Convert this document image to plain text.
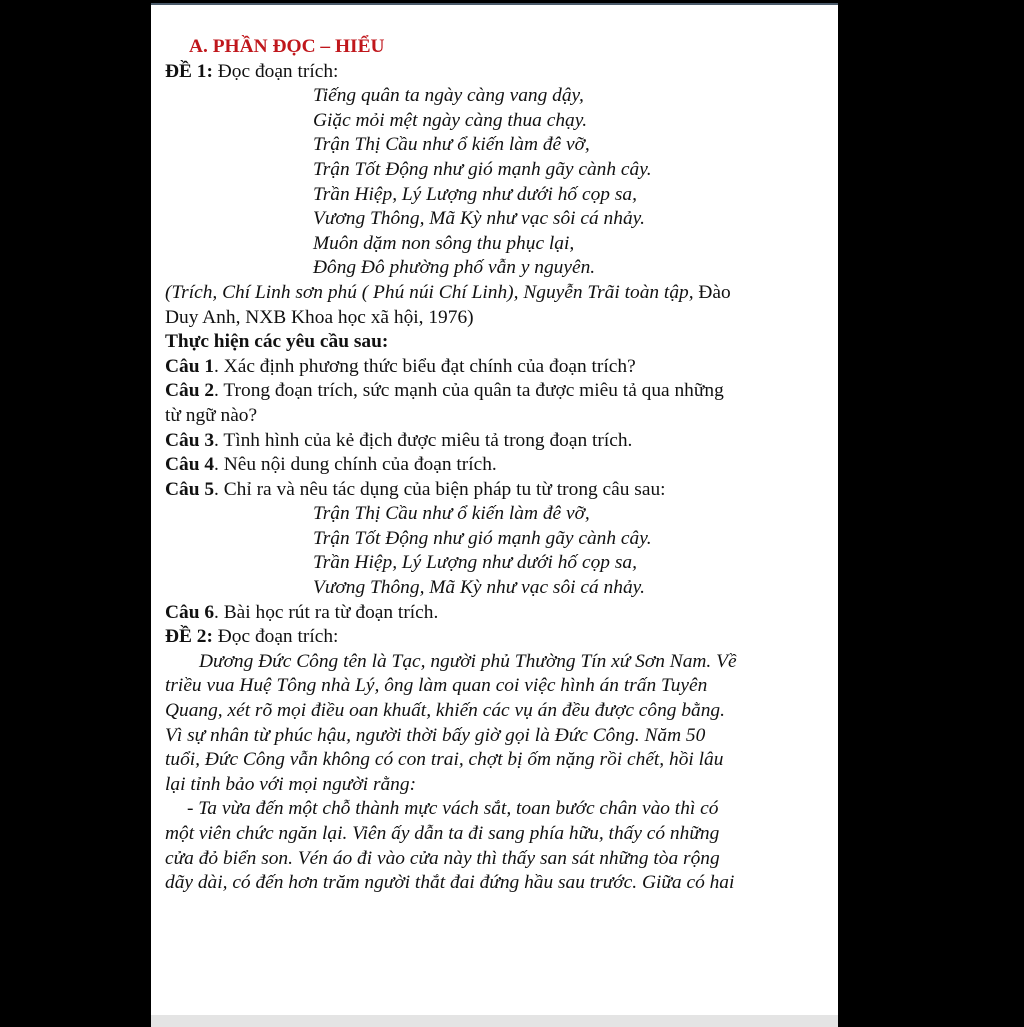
A. PHẦN ĐỌC – HIỂU
ĐỀ 1: Đọc đoạn trích:
Tiếng quân ta ngày càng vang dậy,
Giặc mỏi mệt ngày càng thua chạy.
Trận Thị Cầu như ổ kiến làm đê vỡ,
Trận Tốt Động như gió mạnh gãy cành cây.
Trần Hiệp, Lý Lượng như dưới hố cọp sa,
Vương Thông, Mã Kỳ như vạc sôi cá nhảy.
Muôn dặm non sông thu phục lại,
Đông Đô phường phố vẫn y nguyên.
(Trích, Chí Linh sơn phú ( Phú núi Chí Linh), Nguyễn Trãi toàn tập, Đào
Duy Anh, NXB Khoa học xã hội, 1976)
Thực hiện các yêu cầu sau:
Câu 1. Xác định phương thức biểu đạt chính của đoạn trích?
Câu 2. Trong đoạn trích, sức mạnh của quân ta được miêu tả qua những
từ ngữ nào?
Câu 3. Tình hình của kẻ địch được miêu tả trong đoạn trích.
Câu 4. Nêu nội dung chính của đoạn trích.
Câu 5. Chỉ ra và nêu tác dụng của biện pháp tu từ trong câu sau:
Trận Thị Cầu như ổ kiến làm đê vỡ,
Trận Tốt Động như gió mạnh gãy cành cây.
Trần Hiệp, Lý Lượng như dưới hố cọp sa,
Vương Thông, Mã Kỳ như vạc sôi cá nhảy.
Câu 6. Bài học rút ra từ đoạn trích.
ĐỀ 2: Đọc đoạn trích:
Dương Đức Công tên là Tạc, người phủ Thường Tín xứ Sơn Nam. Về
triều vua Huệ Tông nhà Lý, ông làm quan coi việc hình án trấn Tuyên
Quang, xét rõ mọi điều oan khuất, khiến các vụ án đều được công bằng.
Vì sự nhân từ phúc hậu, người thời bấy giờ gọi là Đức Công. Năm 50
tuổi, Đức Công vẫn không có con trai, chợt bị ốm nặng rồi chết, hồi lâu
lại tỉnh bảo với mọi người rằng:
- Ta vừa đến một chỗ thành mực vách sắt, toan bước chân vào thì có
một viên chức ngăn lại. Viên ấy dẫn ta đi sang phía hữu, thấy có những
cửa đỏ biển son. Vén áo đi vào cửa này thì thấy san sát những tòa rộng
dãy dài, có đến hơn trăm người thắt đai đứng hầu sau trước. Giữa có hai
